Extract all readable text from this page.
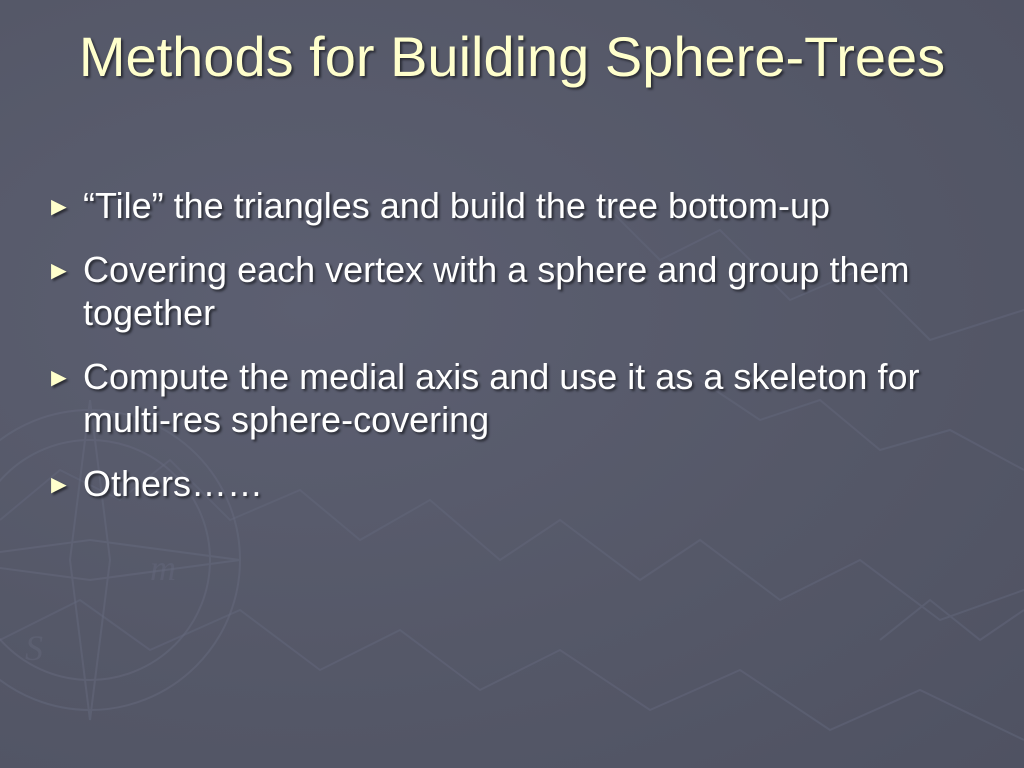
m
S
Methods for Building Sphere-Trees
► “Tile” the triangles and build the tree bottom-up
► Covering each vertex with a sphere and group them together
► Compute the medial axis and use it as a skeleton for multi-res sphere-covering
► Others……
